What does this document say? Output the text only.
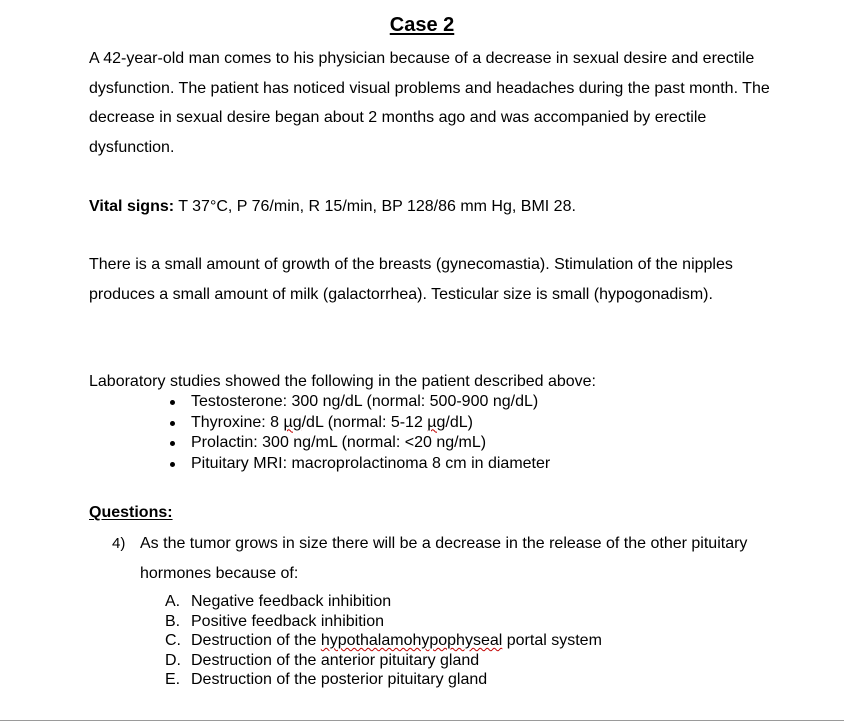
Case 2

A 42-year-old man comes to his physician because of a decrease in sexual desire and erectile dysfunction. The patient has noticed visual problems and headaches during the past month. The decrease in sexual desire began about 2 months ago and was accompanied by erectile dysfunction.

Vital signs: T 37°C, P 76/min, R 15/min, BP 128/86 mm Hg, BMI 28.

There is a small amount of growth of the breasts (gynecomastia). Stimulation of the nipples produces a small amount of milk (galactorrhea). Testicular size is small (hypogonadism).

Laboratory studies showed the following in the patient described above:

Testosterone: 300 ng/dL (normal: 500-900 ng/dL)
Thyroxine: 8 µg/dL (normal: 5-12 µg/dL)
Prolactin: 300 ng/mL (normal: <20 ng/mL)
Pituitary MRI: macroprolactinoma 8 cm in diameter

Questions:

4) As the tumor grows in size there will be a decrease in the release of the other pituitary hormones because of:

A. Negative feedback inhibition
B. Positive feedback inhibition
C. Destruction of the hypothalamohypophyseal portal system
D. Destruction of the anterior pituitary gland
E. Destruction of the posterior pituitary gland
